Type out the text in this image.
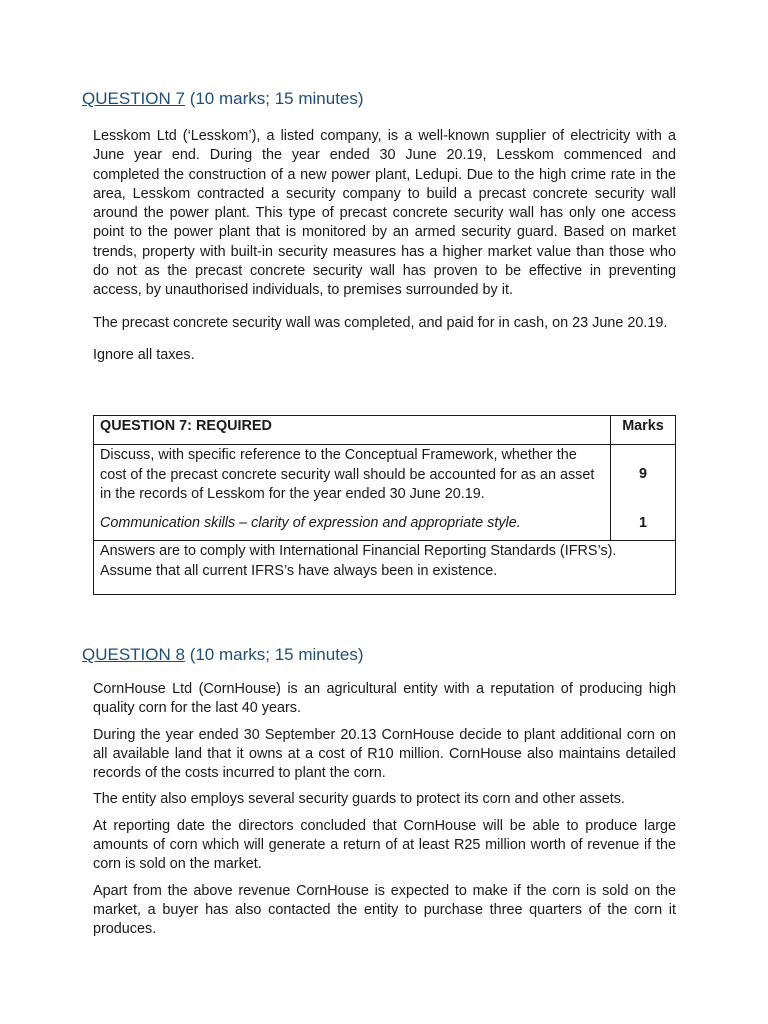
QUESTION 7 (10 marks; 15 minutes)

Lesskom Ltd (‘Lesskom’), a listed company, is a well-known supplier of electricity with a June year end. During the year ended 30 June 20.19, Lesskom commenced and completed the construction of a new power plant, Ledupi. Due to the high crime rate in the area, Lesskom contracted a security company to build a precast concrete security wall around the power plant. This type of precast concrete security wall has only one access point to the power plant that is monitored by an armed security guard. Based on market trends, property with built-in security measures has a higher market value than those who do not as the precast concrete security wall has proven to be effective in preventing access, by unauthorised individuals, to premises surrounded by it.

The precast concrete security wall was completed, and paid for in cash, on 23 June 20.19.

Ignore all taxes.

QUESTION 7: REQUIRED	Marks
Discuss, with specific reference to the Conceptual Framework, whether the cost of the precast concrete security wall should be accounted for as an asset in the records of Lesskom for the year ended 30 June 20.19.	9
Communication skills – clarity of expression and appropriate style.	1
Answers are to comply with International Financial Reporting Standards (IFRS’s). Assume that all current IFRS’s have always been in existence.	
QUESTION 8 (10 marks; 15 minutes)

CornHouse Ltd (CornHouse) is an agricultural entity with a reputation of producing high quality corn for the last 40 years.

During the year ended 30 September 20.13 CornHouse decide to plant additional corn on all available land that it owns at a cost of R10 million. CornHouse also maintains detailed records of the costs incurred to plant the corn.

The entity also employs several security guards to protect its corn and other assets.

At reporting date the directors concluded that CornHouse will be able to produce large amounts of corn which will generate a return of at least R25 million worth of revenue if the corn is sold on the market.

Apart from the above revenue CornHouse is expected to make if the corn is sold on the market, a buyer has also contacted the entity to purchase three quarters of the corn it produces.
